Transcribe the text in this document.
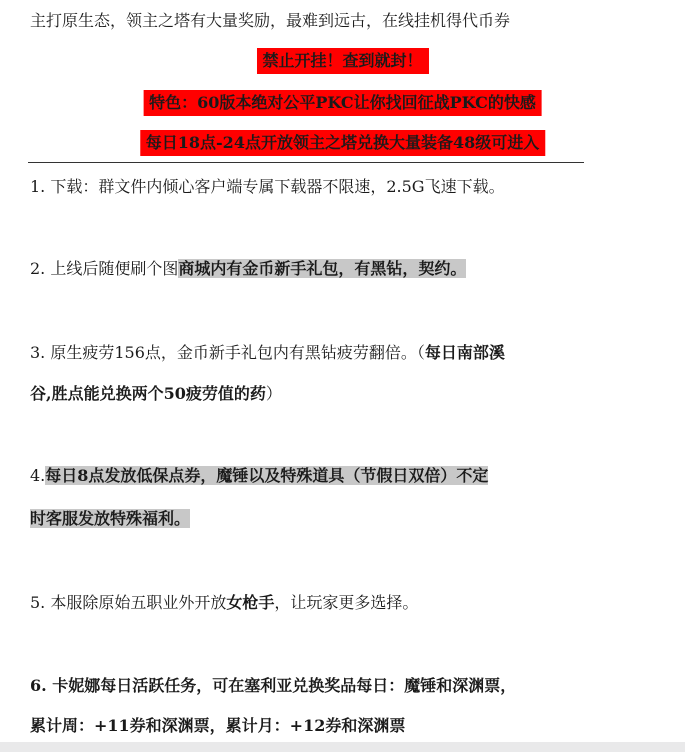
主打原生态，领主之塔有大量奖励，最难到远古，在线挂机得代币券
禁止开挂！查到就封！
特色：60版本绝对公平PKC让你找回征战PKC的快感
每日18点-24点开放领主之塔兑换大量装备48级可进入
1. 下载：群文件内倾心客户端专属下载器不限速，2.5G飞速下载。
2. 上线后随便刷个图商城内有金币新手礼包，有黑钻，契约。
3. 原生疲劳156点，金币新手礼包内有黑钻疲劳翻倍。（每日南部溪
谷,胜点能兑换两个50疲劳值的药）
4.每日8点发放低保点券，魔锤以及特殊道具（节假日双倍）不定
时客服发放特殊福利。
5. 本服除原始五职业外开放女枪手，让玩家更多选择。
6. 卡妮娜每日活跃任务，可在塞利亚兑换奖品每日：魔锤和深渊票，
累计周：+11券和深渊票，累计月：+12券和深渊票
